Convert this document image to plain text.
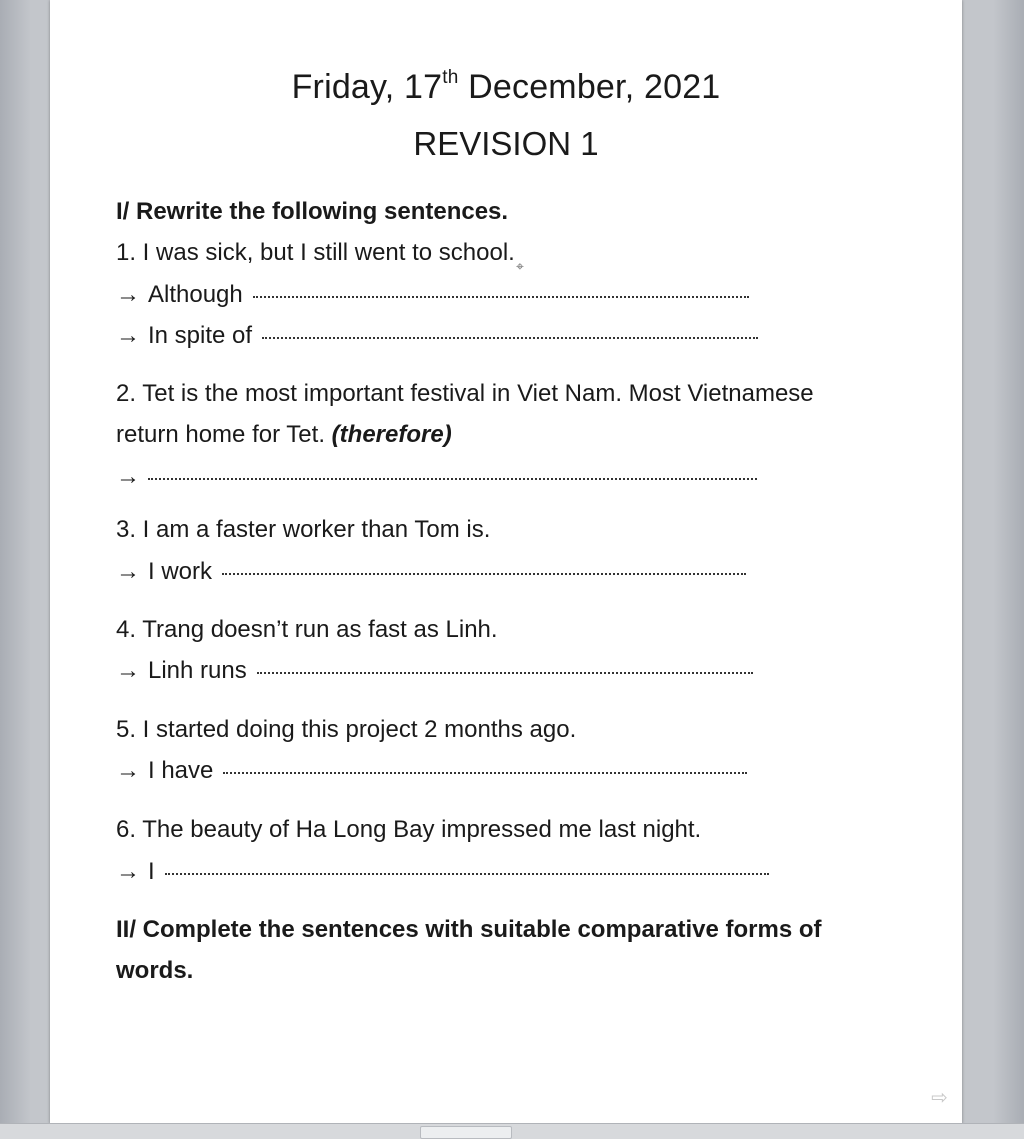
Friday, 17th December, 2021
REVISION 1
I/ Rewrite the following sentences.
1. I was sick, but I still went to school. ⌖
→ Although
→ In spite of
2. Tet is the most important festival in Viet Nam. Most Vietnamese
return home for Tet. (therefore)
→
3. I am a faster worker than Tom is.
→ I work
4. Trang doesn’t run as fast as Linh.
→ Linh runs
5. I started doing this project 2 months ago.
→ I have
6. The beauty of Ha Long Bay impressed me last night.
→ I
II/ Complete the sentences with suitable comparative forms of
words.
⇨
